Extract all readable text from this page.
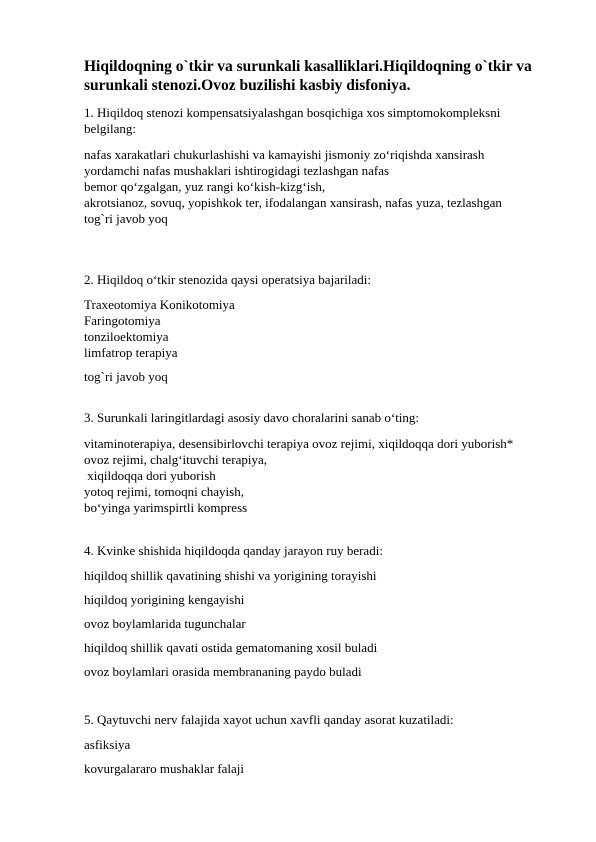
Hiqildoqning o`tkir va surunkali kasalliklari.Hiqildoqning o`tkir va
surunkali stenozi.Ovoz buzilishi kasbiy disfoniya.
1. Hiqildoq stenozi kompensatsiyalashgan bosqichiga xos simptomokompleksni
belgilang:
nafas xarakatlari chukurlashishi va kamayishi jismoniy zo‘riqishda xansirash
yordamchi nafas mushaklari ishtirogidagi tezlashgan nafas
bemor qo‘zgalgan, yuz rangi ko‘kish-kizg‘ish,
akrotsianoz, sovuq, yopishkok ter, ifodalangan xansirash, nafas yuza, tezlashgan
tog`ri javob yoq
2. Hiqildoq o‘tkir stenozida qaysi operatsiya bajariladi:
Traxeotomiya Konikotomiya
Faringotomiya
tonziloektomiya
limfatrop terapiya
tog`ri javob yoq
3. Surunkali laringitlardagi asosiy davo choralarini sanab o‘ting:
vitaminoterapiya, desensibirlovchi terapiya ovoz rejimi, xiqildoqqa dori yuborish*
ovoz rejimi, chalg‘ituvchi terapiya,
xiqildoqqa dori yuborish
yotoq rejimi, tomoqni chayish,
bo‘yinga yarimspirtli kompress
4. Kvinke shishida hiqildoqda qanday jarayon ruy beradi:
hiqildoq shillik qavatining shishi va yorigining torayishi
hiqildoq yorigining kengayishi
ovoz boylamlarida tugunchalar
hiqildoq shillik qavati ostida gematomaning xosil buladi
ovoz boylamlari orasida membrananing paydo buladi
5. Qaytuvchi nerv falajida xayot uchun xavfli qanday asorat kuzatiladi:
asfiksiya
kovurgalararo mushaklar falaji
